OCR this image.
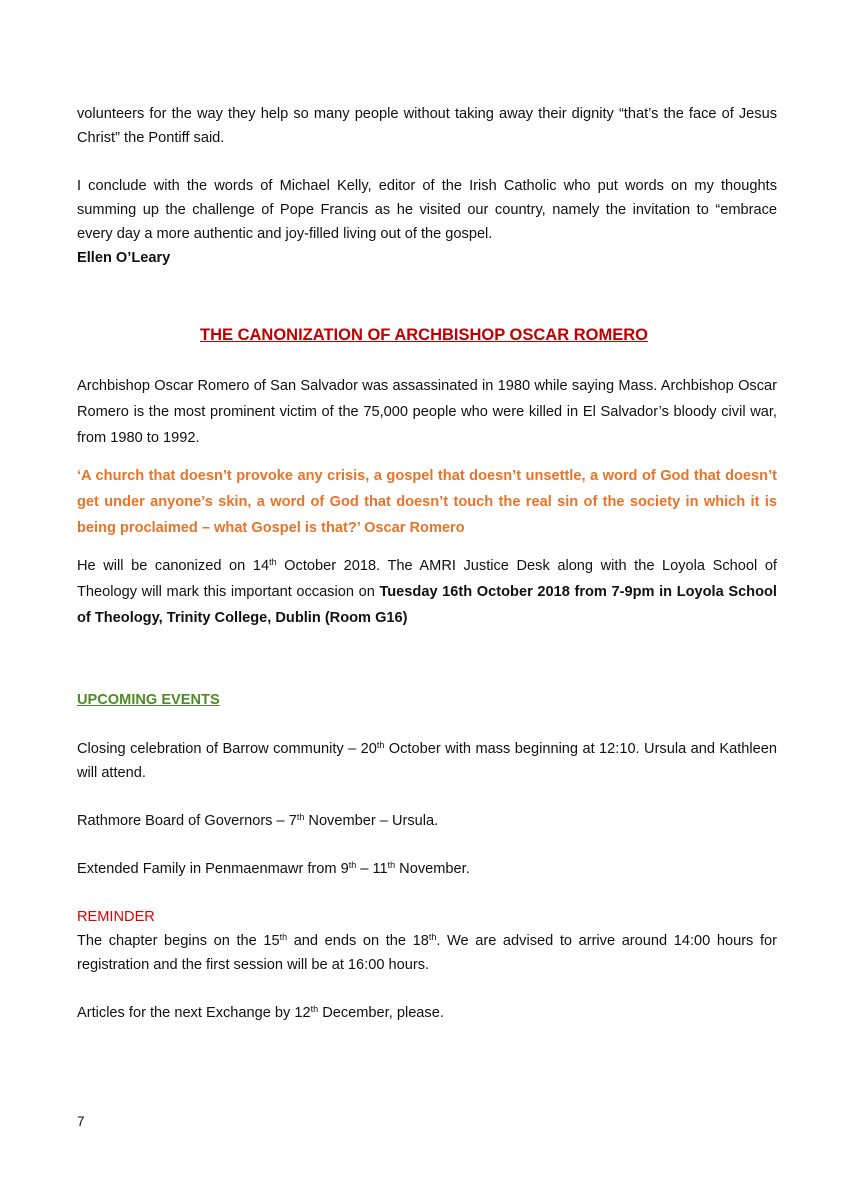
volunteers for the way they help so many people without taking away their dignity “that’s the face of Jesus Christ” the Pontiff said.

I conclude with the words of Michael Kelly, editor of the Irish Catholic who put words on my thoughts summing up the challenge of Pope Francis as he visited our country, namely the invitation to “embrace every day a more authentic and joy-filled living out of the gospel.

Ellen O’Leary

THE CANONIZATION OF ARCHBISHOP OSCAR ROMERO

Archbishop Oscar Romero of San Salvador was assassinated in 1980 while saying Mass. Archbishop Oscar Romero is the most prominent victim of the 75,000 people who were killed in El Salvador’s bloody civil war, from 1980 to 1992.

‘A church that doesn’t provoke any crisis, a gospel that doesn’t unsettle, a word of God that doesn’t get under anyone’s skin, a word of God that doesn’t touch the real sin of the society in which it is being proclaimed – what Gospel is that?’ Oscar Romero

He will be canonized on 14th October 2018. The AMRI Justice Desk along with the Loyola School of Theology will mark this important occasion on Tuesday 16th October 2018 from 7-9pm in Loyola School of Theology, Trinity College, Dublin (Room G16)

UPCOMING EVENTS

Closing celebration of Barrow community – 20th October with mass beginning at 12:10. Ursula and Kathleen will attend.

Rathmore Board of Governors – 7th November – Ursula.

Extended Family in Penmaenmawr from 9th – 11th November.

REMINDER

The chapter begins on the 15th and ends on the 18th. We are advised to arrive around 14:00 hours for registration and the first session will be at 16:00 hours.

Articles for the next Exchange by 12th December, please.

7
